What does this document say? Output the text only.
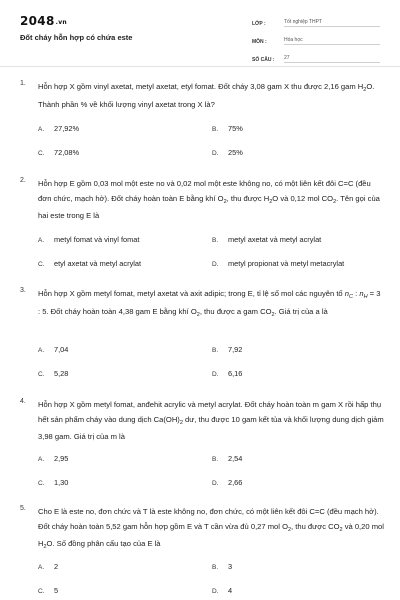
2048.vn
Đốt cháy hỗn hợp có chứa este
LỚP :	Tốt nghiệp THPT
MÔN :	Hóa học
SỐ CÂU :	27
1. Hỗn hợp X gồm vinyl axetat, metyl axetat, etyl fomat. Đốt cháy 3,08 gam X thu được 2,16 gam $H_2O$. Thành phần % về khối lượng vinyl axetat trong X là?
A. 27,92%	B. 75%
C. 72,08%	D. 25%
2. Hỗn hợp E gồm 0,03 mol một este no và 0,02 mol một este không no, có một liên kết đôi C=C (đều đơn chức, mạch hở). Đốt cháy hoàn toàn E bằng khí $O_2$, thu được $H_2O$ và 0,12 mol $CO_2$. Tên gọi của hai este trong E là
A. metyl fomat và vinyl fomat	B. metyl axetat và metyl acrylat
C. etyl axetat và metyl acrylat	D. metyl propionat và metyl metacrylat
3. Hỗn hợp X gồm metyl fomat, metyl axetat và axit adipic; trong E, tỉ lệ số mol các nguyên tố $n_C$ : $n_H = 3$ : 5. Đốt cháy hoàn toàn 4,38 gam E bằng khí $O_2$, thu được a gam $CO_2$. Giá trị của a là
A. 7,04	B. 7,92
C. 5,28	D. 6,16
4. Hỗn hợp X gồm metyl fomat, anđehit acrylic và metyl acrylat. Đốt cháy hoàn toàn m gam X rồi hấp thụ hết sản phẩm cháy vào dung dịch $Ca(OH)_2$ dư, thu được 10 gam kết tủa và khối lượng dung dịch giảm 3,98 gam. Giá trị của m là
A. 2,95	B. 2,54
C. 1,30	D. 2,66
5. Cho E là este no, đơn chức và T là este không no, đơn chức, có một liên kết đôi C=C (đều mạch hở). Đốt cháy hoàn toàn 5,52 gam hỗn hợp gồm E và T cần vừa đủ 0,27 mol $O_2$, thu được $CO_2$ và 0,20 mol $H_2O$. Số đồng phân cấu tạo của E là
A. 2	B. 3
C. 5	D. 4
